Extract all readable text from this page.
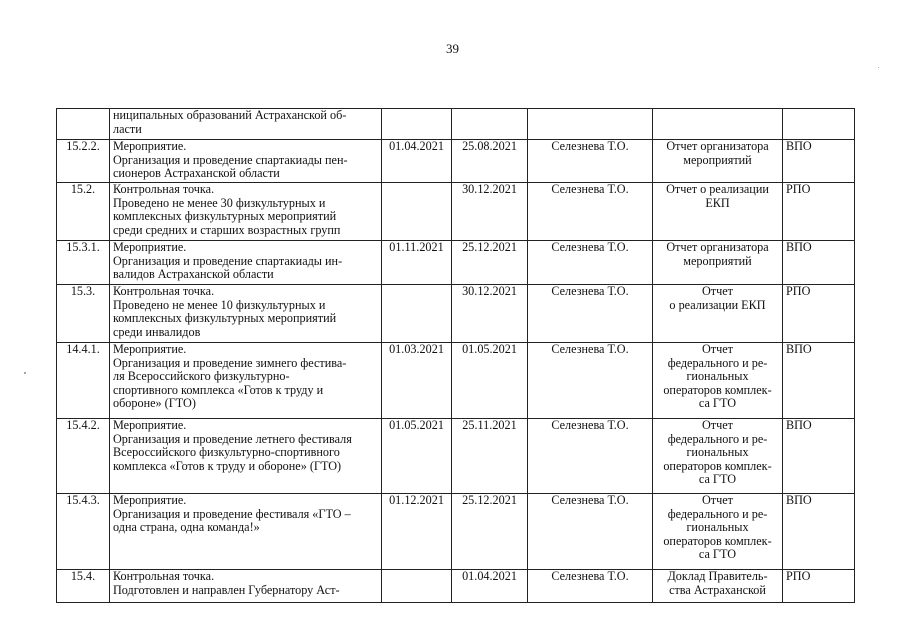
39

	ниципальных образований Астраханской об-
ласти					

15.2.2.	Мероприятие.
Организация и проведение спартакиады пен-
сионеров Астраханской области	01.04.2021	25.08.2021	Селезнева Т.О.	Отчет организатора
мероприятий	ВПО
15.2.	Контрольная точка.
Проведено не менее 30 физкультурных и
комплексных физкультурных мероприятий
среди средних и старших возрастных групп		30.12.2021	Селезнева Т.О.	Отчет о реализации
ЕКП	РПО
15.3.1.	Мероприятие.
Организация и проведение спартакиады ин-
валидов Астраханской области	01.11.2021	25.12.2021	Селезнева Т.О.	Отчет организатора
мероприятий	ВПО
15.3.	Контрольная точка.
Проведено не менее 10 физкультурных и
комплексных физкультурных мероприятий
среди инвалидов		30.12.2021	Селезнева Т.О.	Отчет
о реализации ЕКП	РПО
14.4.1.	Мероприятие.
Организация и проведение зимнего фестива-
ля Всероссийского физкультурно-
спортивного комплекса «Готов к труду и
обороне» (ГТО)	01.03.2021	01.05.2021	Селезнева Т.О.	Отчет
федерального и ре-
гиональных
операторов комплек-
са ГТО	ВПО
15.4.2.	Мероприятие.
Организация и проведение летнего фестиваля
Всероссийского физкультурно-спортивного
комплекса «Готов к труду и обороне» (ГТО)	01.05.2021	25.11.2021	Селезнева Т.О.	Отчет
федерального и ре-
гиональных
операторов комплек-
са ГТО	ВПО
15.4.3.	Мероприятие.
Организация и проведение фестиваля «ГТО –
одна страна, одна команда!»	01.12.2021	25.12.2021	Селезнева Т.О.	Отчет
федерального и ре-
гиональных
операторов комплек-
са ГТО	ВПО
15.4.	Контрольная точка.
Подготовлен и направлен Губернатору Аст-		01.04.2021	Селезнева Т.О.	Доклад Правитель-
ства Астраханской	РПО
